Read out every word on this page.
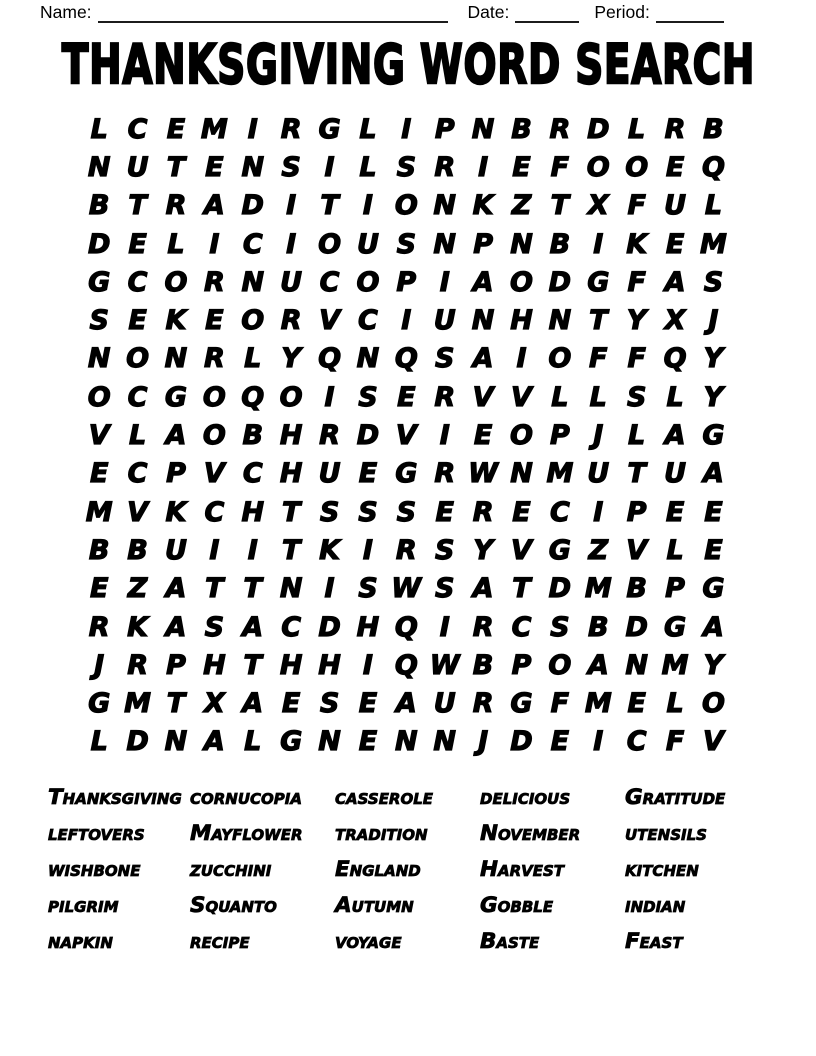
Name:	Date:	Period:
THANKSGIVING WORD SEARCH
L C E M I R G L I P N B R D L R B
N U T E N S I L S R I E F O O E Q
B T R A D I T I O N K Z T X F U L
D E L I C I O U S N P N B I K E M
G C O R N U C O P I A O D G F A S
S E K E O R V C I U N H N T Y X J
N O N R L Y Q N Q S A I O F F Q Y
O C G O Q O I S E R V V L L S L Y
V L A O B H R D V I E O P J L A G
E C P V C H U E G R W N M U T U A
M V K C H T S S S E R E C I P E E
B B U I	I T K I R S Y V G Z V L E
E Z A T T N I S W S A T D M B P G
R K A S A C D H Q I R C S B D G A
J R P H T H H I Q W B P O A N M Y
G M T X A E S E A U R G F M E L O
L D N A L G N E N N J D E I C F V
Thanksgiving cornucopia	casserole	delicious	Gratitude
leftovers	Mayflower	tradition	November	utensils
wishbone	zucchini	England	Harvest	kitchen
pilgrim	Squanto	Autumn	Gobble	indian
napkin	recipe	voyage	Baste	Feast
